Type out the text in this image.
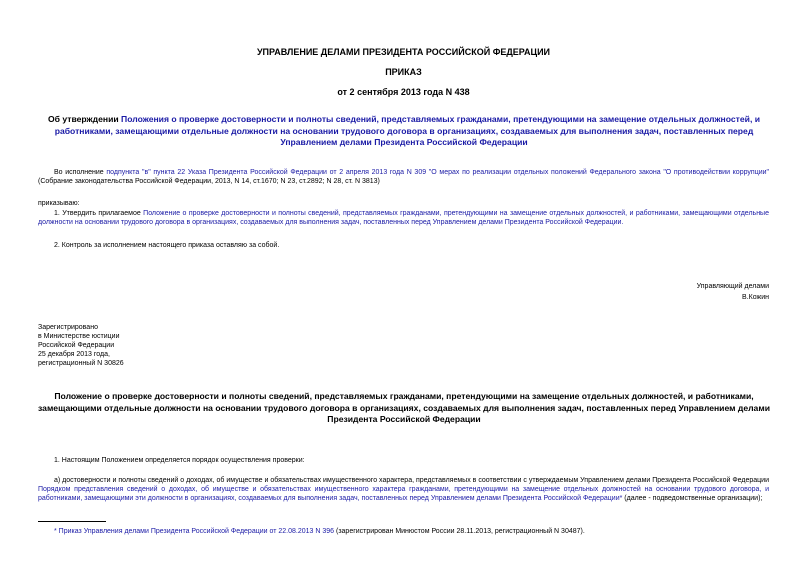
УПРАВЛЕНИЕ ДЕЛАМИ ПРЕЗИДЕНТА РОССИЙСКОЙ ФЕДЕРАЦИИ
ПРИКАЗ
от 2 сентября 2013 года N 438
Об утверждении Положения о проверке достоверности и полноты сведений, представляемых гражданами, претендующими на замещение отдельных должностей, и работниками, замещающими отдельные должности на основании трудового договора в организациях, создаваемых для выполнения задач, поставленных перед Управлением делами Президента Российской Федерации
Во исполнение подпункта "в" пункта 22 Указа Президента Российской Федерации от 2 апреля 2013 года N 309 "О мерах по реализации отдельных положений Федерального закона "О противодействии коррупции" (Собрание законодательства Российской Федерации, 2013, N 14, ст.1670; N 23, ст.2892; N 28, ст. N 3813)
приказываю:
1. Утвердить прилагаемое Положение о проверке достоверности и полноты сведений, представляемых гражданами, претендующими на замещение отдельных должностей, и работниками, замещающими отдельные должности на основании трудового договора в организациях, создаваемых для выполнения задач, поставленных перед Управлением делами Президента Российской Федерации.
2. Контроль за исполнением настоящего приказа оставляю за собой.
Управляющий делами
В.Кожин
Зарегистрировано
в Министерстве юстиции
Российской Федерации
25 декабря 2013 года,
регистрационный N 30826
Положение о проверке достоверности и полноты сведений, представляемых гражданами, претендующими на замещение отдельных должностей, и работниками, замещающими отдельные должности на основании трудового договора в организациях, создаваемых для выполнения задач, поставленных перед Управлением делами Президента Российской Федерации
1. Настоящим Положением определяется порядок осуществления проверки:
а) достоверности и полноты сведений о доходах, об имуществе и обязательствах имущественного характера, представляемых в соответствии с утверждаемым Управлением делами Президента Российской Федерации Порядком представления сведений о доходах, об имуществе и обязательствах имущественного характера гражданами, претендующими на замещение отдельных должностей на основании трудового договора, и работниками, замещающими эти должности в организациях, создаваемых для выполнения задач, поставленных перед Управлением делами Президента Российской Федерации* (далее - подведомственные организации);
* Приказ Управления делами Президента Российской Федерации от 22.08.2013 N 396 (зарегистрирован Минюстом России 28.11.2013, регистрационный N 30487).
